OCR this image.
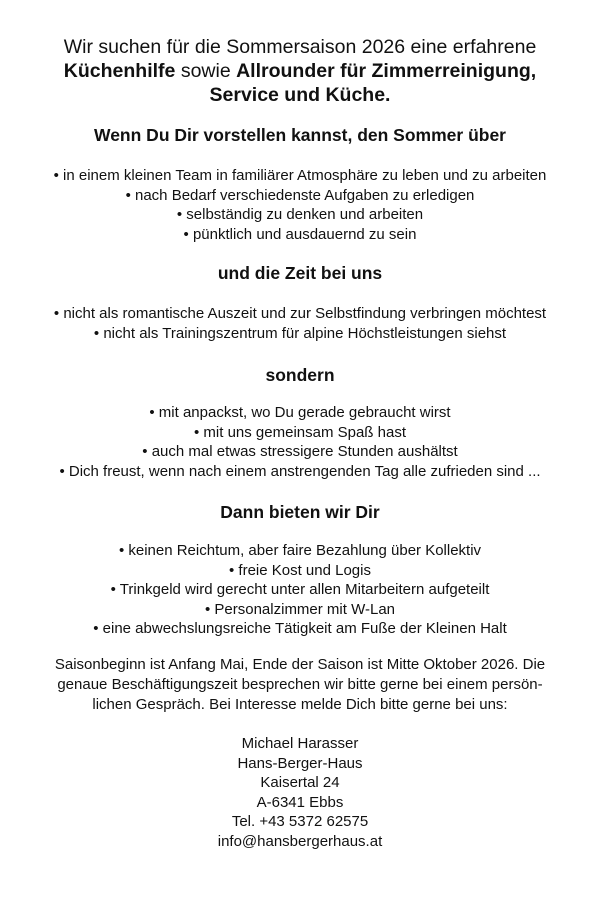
Wir suchen für die Sommersaison 2026 eine erfahrene
Küchenhilfe sowie Allrounder für Zimmerreinigung,
Service und Küche.
Wenn Du Dir vorstellen kannst, den Sommer über
• in einem kleinen Team in familiärer Atmosphäre zu leben und zu arbeiten
• nach Bedarf verschiedenste Aufgaben zu erledigen
• selbständig zu denken und arbeiten
• pünktlich und ausdauernd zu sein
und die Zeit bei uns
• nicht als romantische Auszeit und zur Selbstfindung verbringen möchtest
• nicht als Trainingszentrum für alpine Höchstleistungen siehst
sondern
• mit anpackst, wo Du gerade gebraucht wirst
• mit uns gemeinsam Spaß hast
• auch mal etwas stressigere Stunden aushältst
• Dich freust, wenn nach einem anstrengenden Tag alle zufrieden sind ...
Dann bieten wir Dir
• keinen Reichtum, aber faire Bezahlung über Kollektiv
• freie Kost und Logis
• Trinkgeld wird gerecht unter allen Mitarbeitern aufgeteilt
• Personalzimmer mit W-Lan
• eine abwechslungsreiche Tätigkeit am Fuße der Kleinen Halt
Saisonbeginn ist Anfang Mai, Ende der Saison ist Mitte Oktober 2026. Die
genaue Beschäftigungszeit besprechen wir bitte gerne bei einem persön-
lichen Gespräch. Bei Interesse melde Dich bitte gerne bei uns:
Michael Harasser
Hans-Berger-Haus
Kaisertal 24
A-6341 Ebbs
Tel. +43 5372 62575
info@hansbergerhaus.at
